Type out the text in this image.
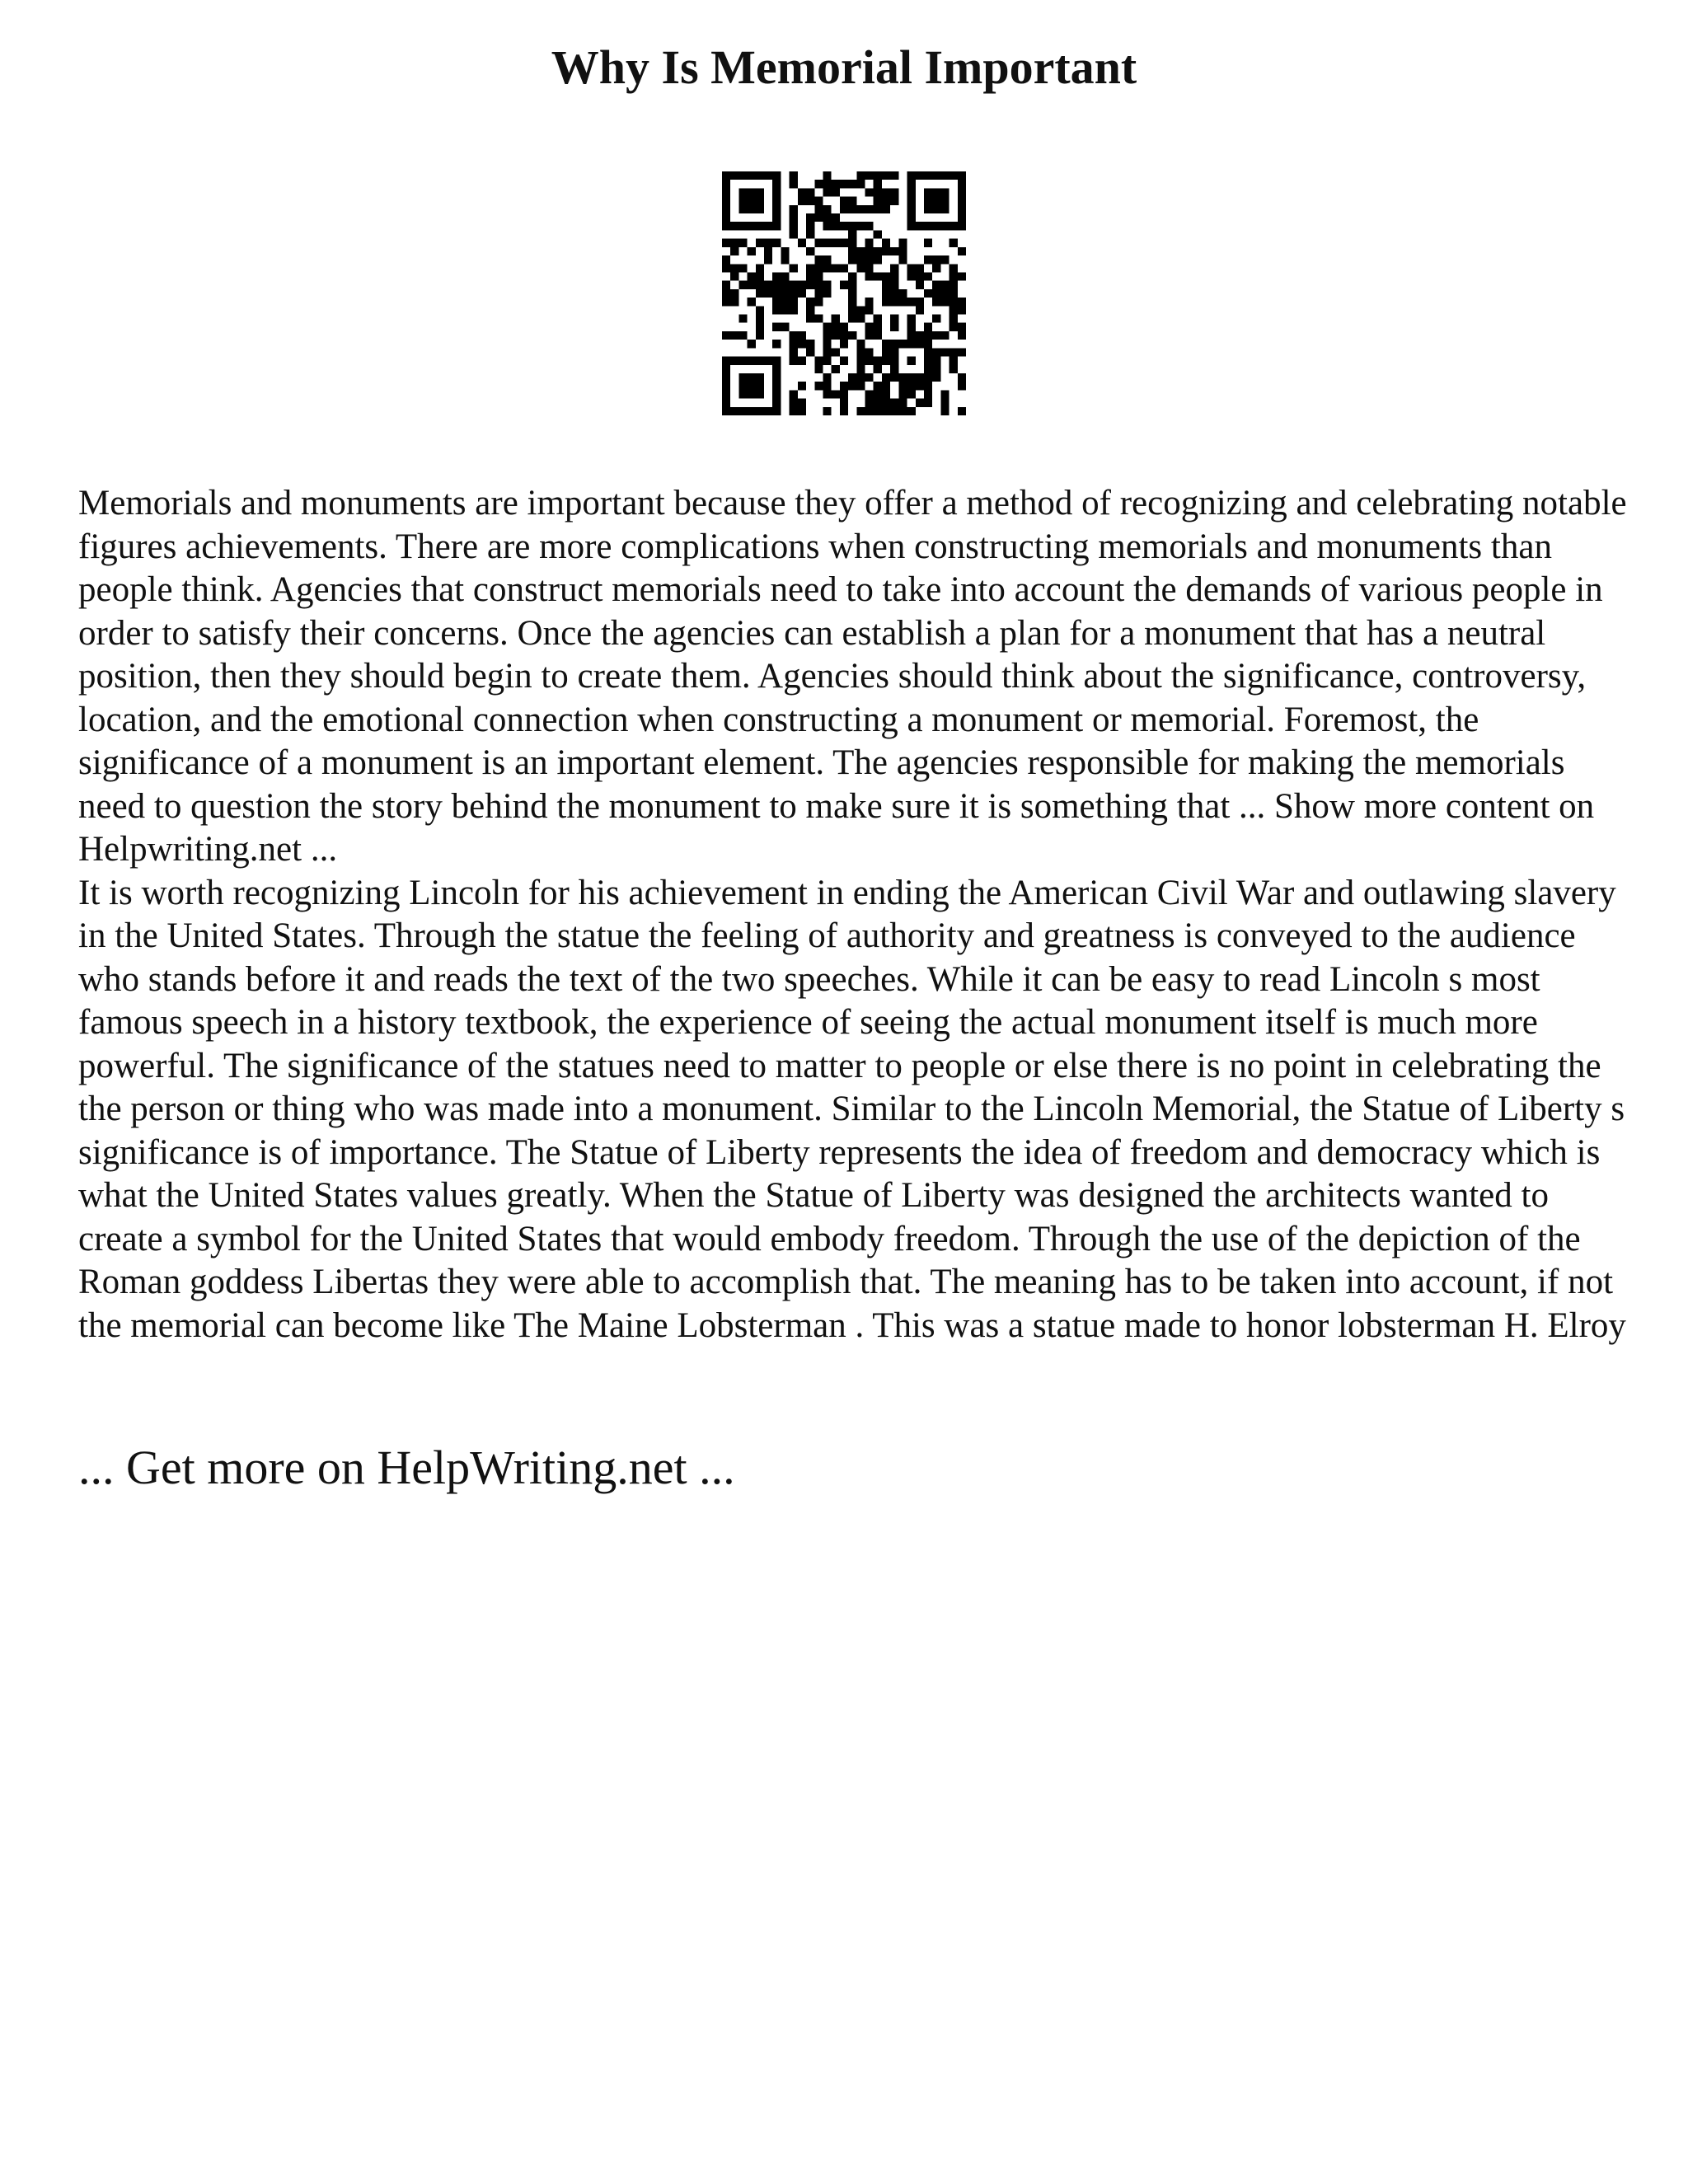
Why Is Memorial Important

Memorials and monuments are important because they offer a method of recognizing and celebrating notable figures achievements. There are more complications when constructing memorials and monuments than people think. Agencies that construct memorials need to take into account the demands of various people in order to satisfy their concerns. Once the agencies can establish a plan for a monument that has a neutral position, then they should begin to create them. Agencies should think about the significance, controversy, location, and the emotional connection when constructing a monument or memorial. Foremost, the significance of a monument is an important element. The agencies responsible for making the memorials need to question the story behind the monument to make sure it is something that ... Show more content on Helpwriting.net ...

It is worth recognizing Lincoln for his achievement in ending the American Civil War and outlawing slavery in the United States. Through the statue the feeling of authority and greatness is conveyed to the audience who stands before it and reads the text of the two speeches. While it can be easy to read Lincoln s most famous speech in a history textbook, the experience of seeing the actual monument itself is much more powerful. The significance of the statues need to matter to people or else there is no point in celebrating the the person or thing who was made into a monument. Similar to the Lincoln Memorial, the Statue of Liberty s significance is of importance. The Statue of Liberty represents the idea of freedom and democracy which is what the United States values greatly. When the Statue of Liberty was designed the architects wanted to create a symbol for the United States that would embody freedom. Through the use of the depiction of the Roman goddess Libertas they were able to accomplish that. The meaning has to be taken into account, if not the memorial can become like The Maine Lobsterman . This was a statue made to honor lobsterman H. Elroy

... Get more on HelpWriting.net ...
